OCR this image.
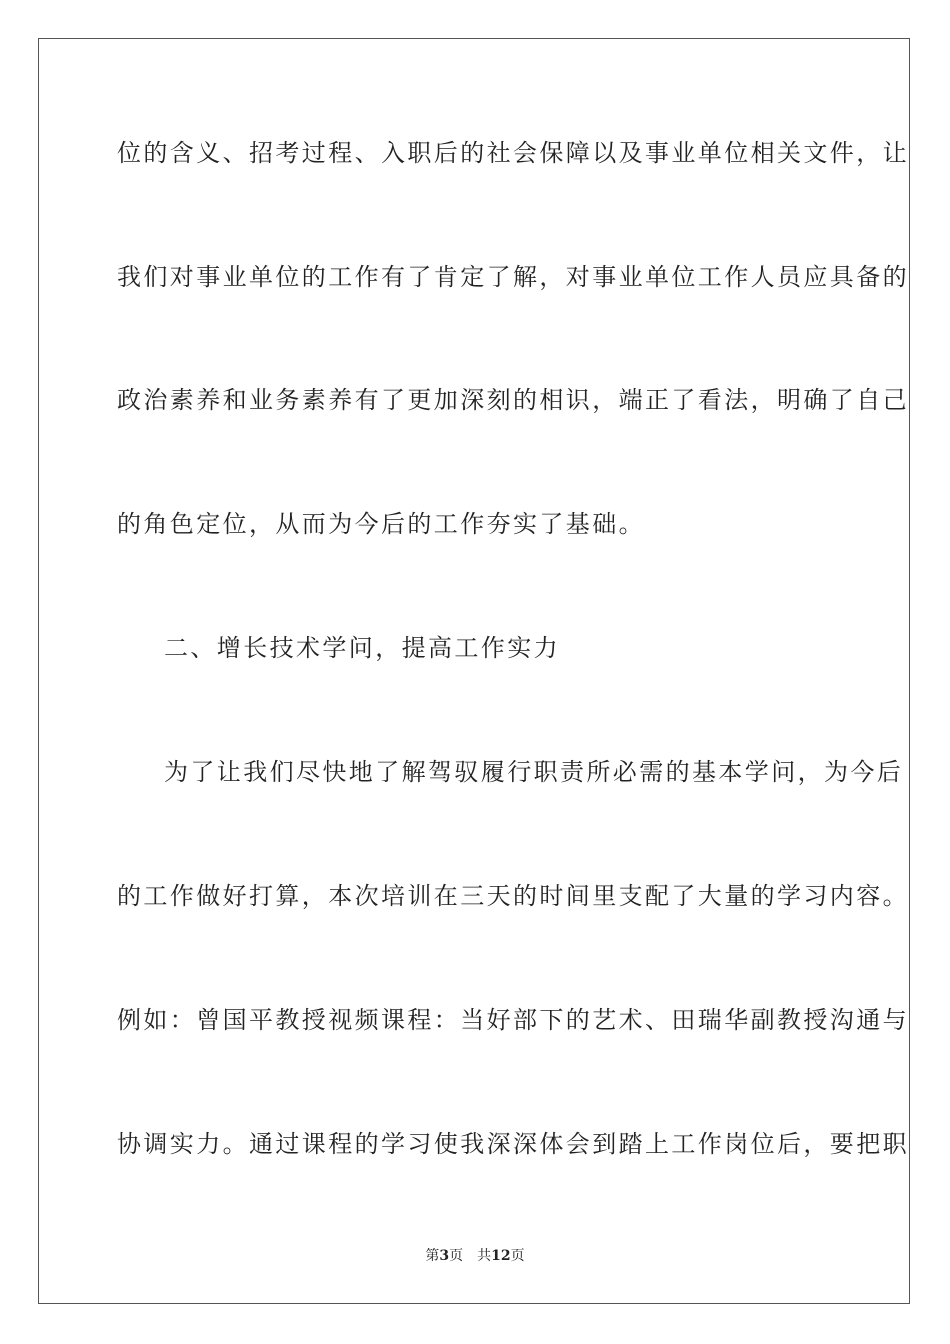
位的含义、招考过程、入职后的社会保障以及事业单位相关文件，让
我们对事业单位的工作有了肯定了解，对事业单位工作人员应具备的
政治素养和业务素养有了更加深刻的相识，端正了看法，明确了自己
的角色定位，从而为今后的工作夯实了基础。
二、增长技术学问，提高工作实力
为了让我们尽快地了解驾驭履行职责所必需的基本学问，为今后
的工作做好打算，本次培训在三天的时间里支配了大量的学习内容。
例如：曾国平教授视频课程：当好部下的艺术、田瑞华副教授沟通与
协调实力。通过课程的学习使我深深体会到踏上工作岗位后，要把职
第3页 共12页
